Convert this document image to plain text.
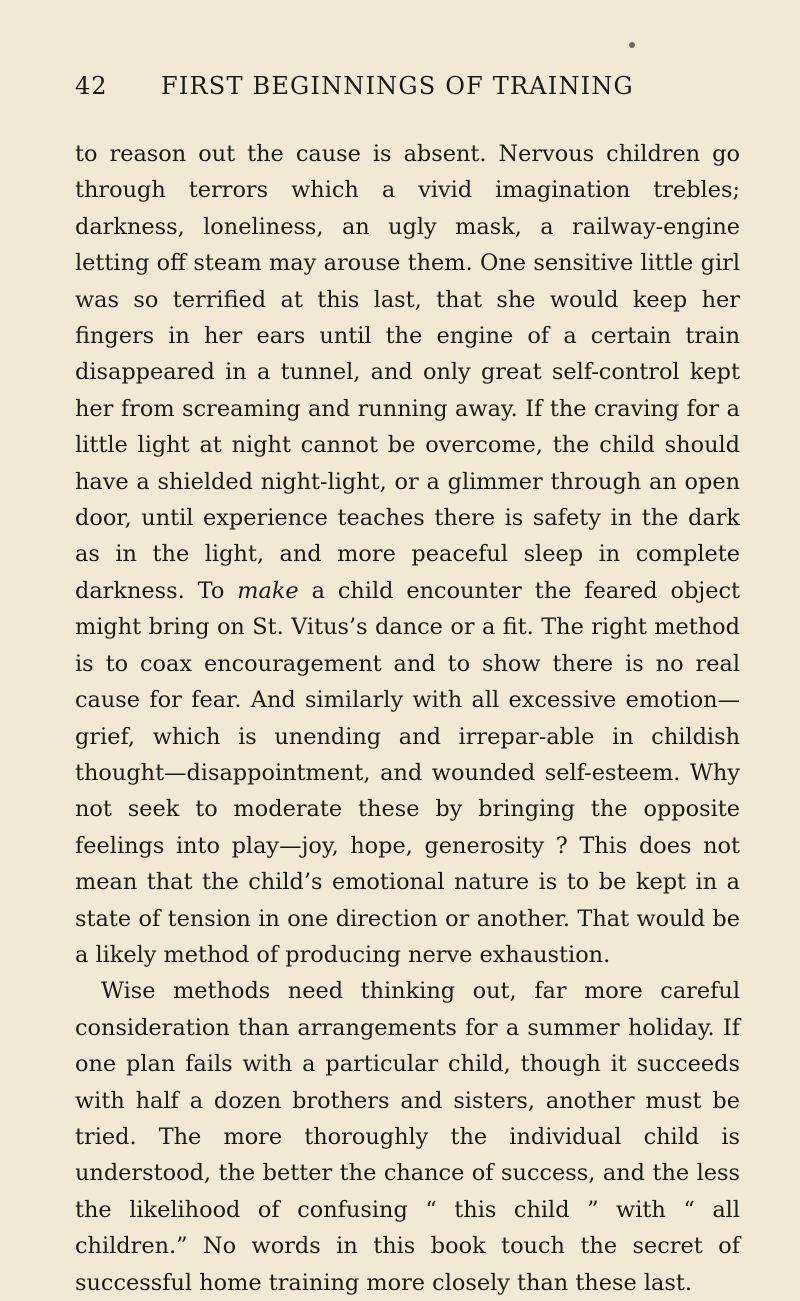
42	FIRST BEGINNINGS OF TRAINING

to reason out the cause is absent. Nervous children go through terrors which a vivid imagination trebles; darkness, loneliness, an ugly mask, a railway-engine letting off steam may arouse them. One sensitive little girl was so terrified at this last, that she would keep her fingers in her ears until the engine of a certain train disappeared in a tunnel, and only great self-control kept her from screaming and running away. If the craving for a little light at night cannot be overcome, the child should have a shielded night-light, or a glimmer through an open door, until experience teaches there is safety in the dark as in the light, and more peaceful sleep in complete darkness. To make a child encounter the feared object might bring on St. Vitus’s dance or a fit. The right method is to coax encouragement and to show there is no real cause for fear. And similarly with all excessive emotion—grief, which is unending and irrepar-able in childish thought—disappointment, and wounded self-esteem. Why not seek to moderate these by bringing the opposite feelings into play—joy, hope, generosity ? This does not mean that the child’s emotional nature is to be kept in a state of tension in one direction or another. That would be a likely method of producing nerve exhaustion.

Wise methods need thinking out, far more careful consideration than arrangements for a summer holiday. If one plan fails with a particular child, though it succeeds with half a dozen brothers and sisters, another must be tried. The more thoroughly the individual child is understood, the better the chance of success, and the less the likelihood of confusing “ this child ” with “ all children.” No words in this book touch the secret of successful home training more closely than these last.
